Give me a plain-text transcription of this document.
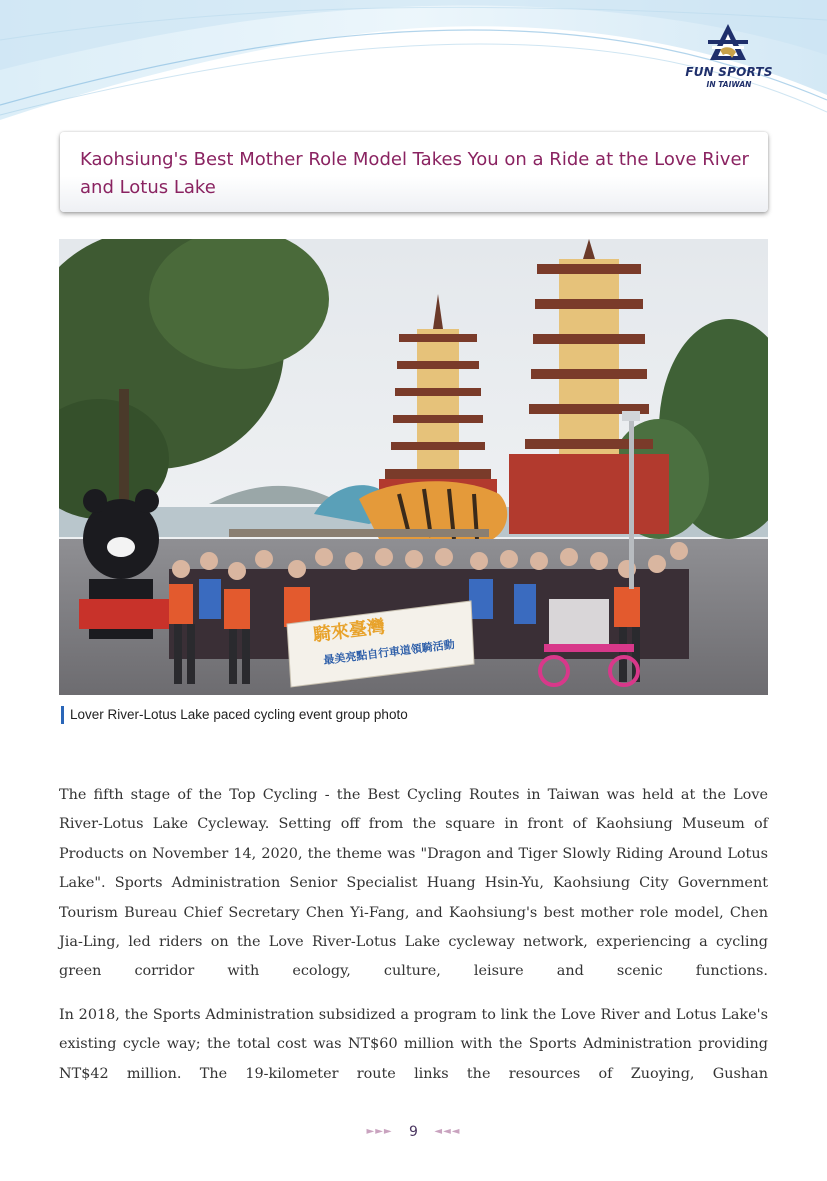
FUN SPORTS
IN TAIWAN
Kaohsiung's Best Mother Role Model Takes You on a Ride at the Love River and Lotus Lake
騎來臺灣
最美亮點自行車道領騎活動
Lover River-Lotus Lake paced cycling event group photo

The fifth stage of the Top Cycling - the Best Cycling Routes in Taiwan was held at the Love River-Lotus Lake Cycleway. Setting off from the square in front of Kaohsiung Museum of Products on November 14, 2020, the theme was "Dragon and Tiger Slowly Riding Around Lotus Lake". Sports Administration Senior Specialist Huang Hsin-Yu, Kaohsiung City Government Tourism Bureau Chief Secretary Chen Yi-Fang, and Kaohsiung's best mother role model, Chen Jia-Ling, led riders on the Love River-Lotus Lake cycleway network, experiencing a cycling green corridor with ecology, culture, leisure and scenic functions.

In 2018, the Sports Administration subsidized a program to link the Love River and Lotus Lake's existing cycle way; the total cost was NT$60 million with the Sports Administration providing NT$42 million. The 19-kilometer route links the resources of Zuoying, Gushan

►►► 9 ◄◄◄
